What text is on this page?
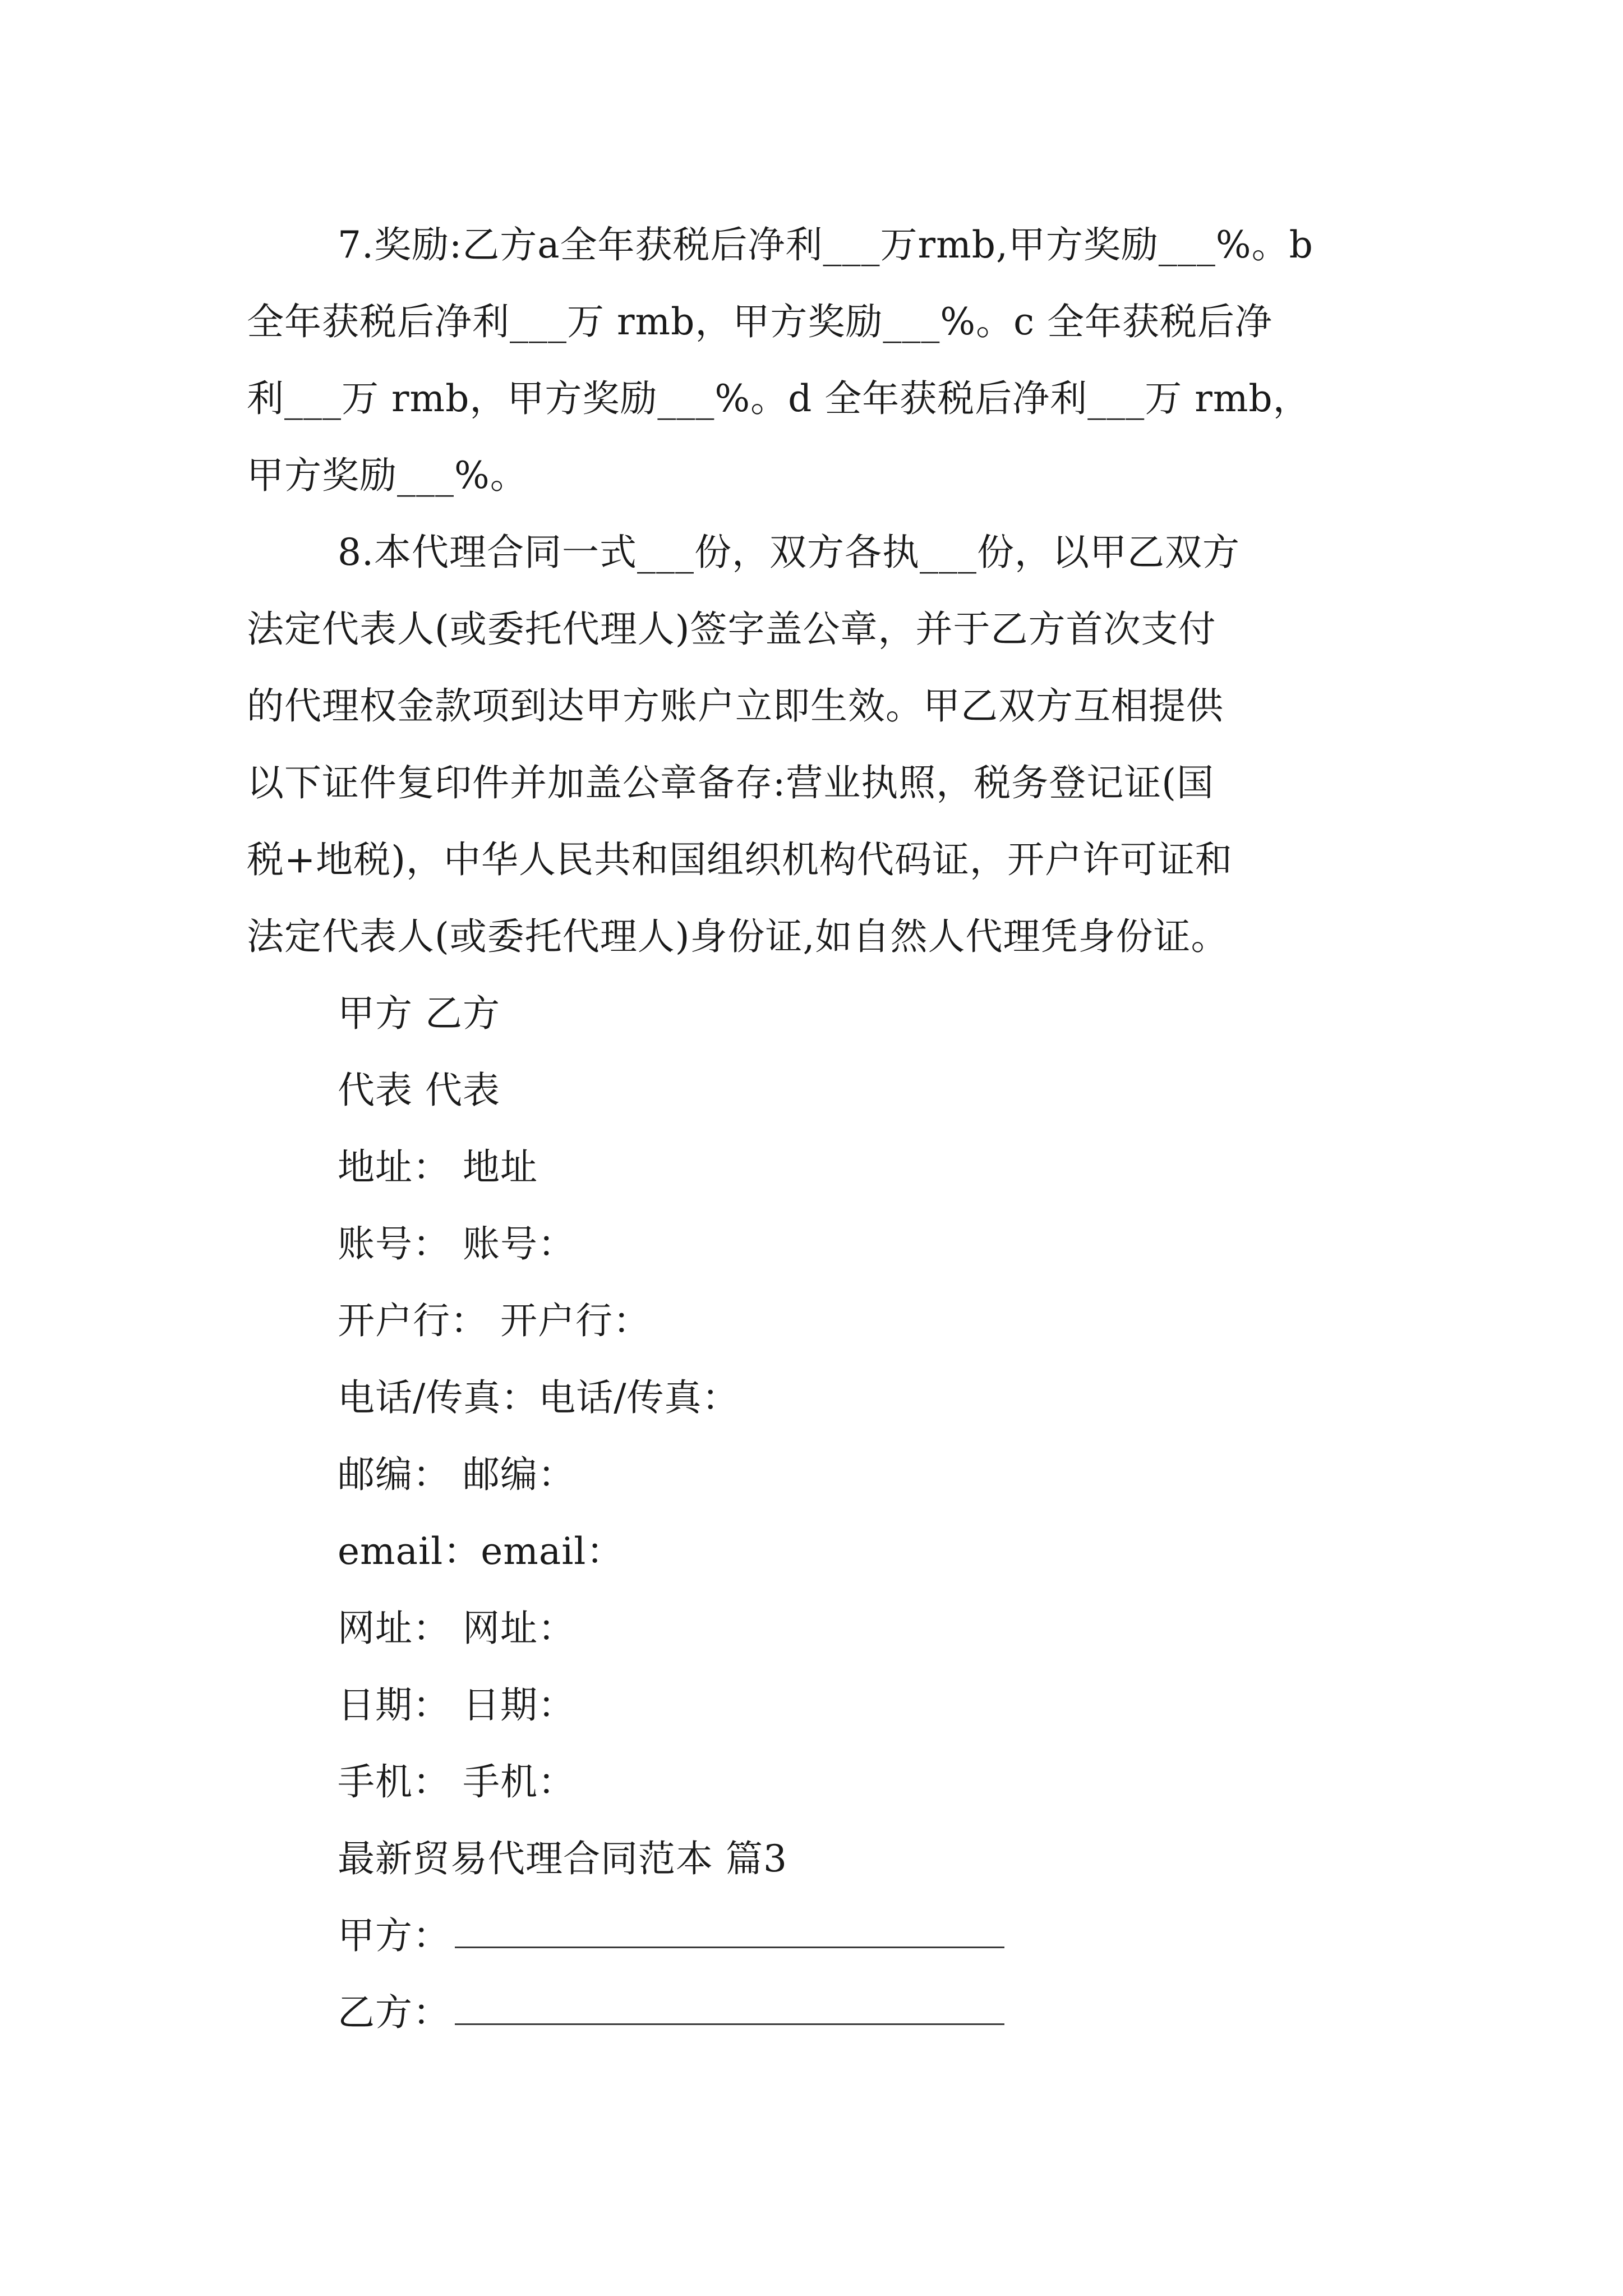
7.奖励:乙方a全年获税后净利___万rmb,甲方奖励___%。b
全年获税后净利___万 rmb，甲方奖励___%。c 全年获税后净
利___万 rmb，甲方奖励___%。d 全年获税后净利___万 rmb，
甲方奖励___%。
8.本代理合同一式___份，双方各执___份，以甲乙双方
法定代表人(或委托代理人)签字盖公章，并于乙方首次支付
的代理权金款项到达甲方账户立即生效。甲乙双方互相提供
以下证件复印件并加盖公章备存:营业执照，税务登记证(国
税+地税)，中华人民共和国组织机构代码证，开户许可证和
法定代表人(或委托代理人)身份证,如自然人代理凭身份证。
甲方 乙方
代表 代表
地址： 地址
账号： 账号：
开户行： 开户行：
电话/传真：电话/传真：
邮编： 邮编：
email：email：
网址： 网址：
日期： 日期：
手机： 手机：
最新贸易代理合同范本 篇3
甲方：
乙方：
